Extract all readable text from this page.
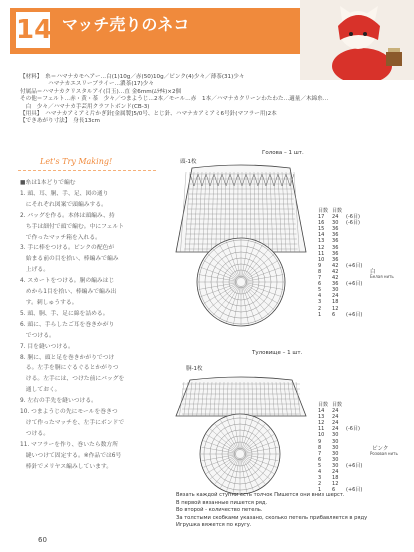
14 マッチ売りのネコ
【材料】　糸＝ハマナカモヘアー…白(1)10g／赤(50)10g／ピンク(4)少々／薄茶(31)少々
　　　　　ハマナカエスリーブライー…濃茶(17)少々
付属品＝ハマナカクリスタルアイ(目玉)…直 金6mm(ﾑﾗｻｷ)×2個
その他＝フェルト…赤・黄・茶　少々／つまようじ…2本／モール…赤　1本／ハマナカクリーンわたわた…適量／木綿糸…
　白　少々／ハマナカ手芸用クラフトボンド(CB-3)
【用具】　ハマナカアミアミ片かぎ針[金属製]5/0号、とじ針、ハマナカアミアミ6号針(マフラー用)2本
【できあがり寸法】　身長13cm
Let's Try Making!
■糸は1本どりで編む
1. 頭、耳、胴、手、足、図の通り
　にそれぞれ図案で頭編みする。
2. バッグを作る。本体は頭編み、持
　ち手は細付で頭で編む。中にフェルト
　で作ったマッチ箱を入れる。
3. 手に棒をつける。ピンクの配色が
　始まる前の目を拾い、棒編みで編み
　上げる。
4. スカートをつける。胴の編みはじ
　めから1目を拾い、棒編みで編み出
　す。刺しゅうする。
5. 頭、胴、手、足に綿を詰める。
6. 頭に、手らしたご耳を巻きかがり
　でつける。
7. 目を縫いつける。
8. 胴に、頭と足を巻きかがりでつけ
　る。左手を胴にぐるぐるとかがりつ
　ける。左手には、つけた前にバッグを
　通しておく。
9. 左右の手先を縫いつける。
10. つまようじの先にモールを巻きつ
　けて作ったマッチを、左手にボンドで
　つける。
11. マフラーを作り、巻いたら数方所
　縫いつけて固定する。※作品では6号
　棒針でメリヤス編みしています。
頭-1枚
Голова – 1 шт.
目数	目数	
17	24	(-6目)
16	30	(-6目)
15	36	
14	36	
13	36	
12	36	
11	36	
10	36	
9	42	(+6目)
8	42	
7	42	
6	36	(+6目)
5	30	
4	24	
3	18	
2	12	
1	6	(+6目)
白
Белая нить
Туловище – 1 шт.
胴-1枚
目数	目数	
14	24	
13	24	
12	24	
11	24	(-6目)
10	30	
9	30	
8	30	
7	30	
6	30	
5	30	(+6目)
4	24	
3	18	
2	12	
1	6	(+6目)
ピンク
Розовая нить
Вязать каждой ступни есть толчок Пишется они вниз шерст.
В первой вязанные пишется ряд.
Во второй - количество петель.
За толстыми скобками указано, сколько петель прибавляется в ряду
Игрушка вяжется по кругу.
60
